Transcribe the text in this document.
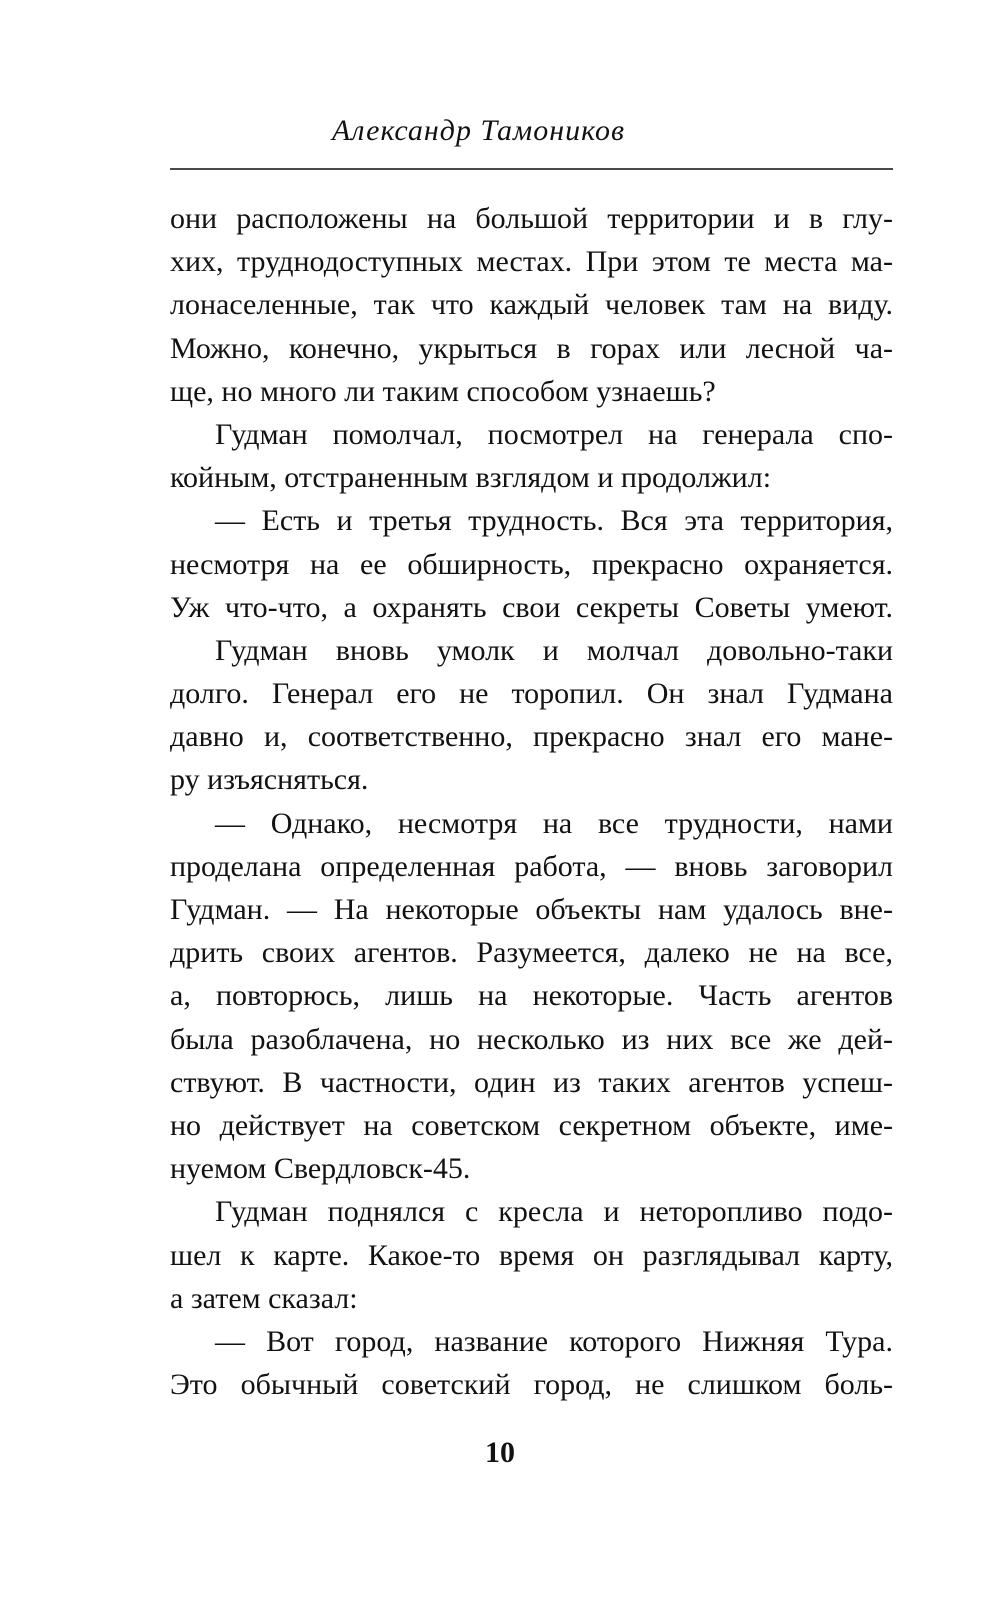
Александр Тамоников
они расположены на большой территории и в глу-
хих, труднодоступных местах. При этом те места ма-
лонаселенные, так что каждый человек там на виду.
Можно, конечно, укрыться в горах или лесной ча-
ще, но много ли таким способом узнаешь?
Гудман помолчал, посмотрел на генерала спо-
койным, отстраненным взглядом и продолжил:
— Есть и третья трудность. Вся эта территория,
несмотря на ее обширность, прекрасно охраняется.
Уж что-что, а охранять свои секреты Советы умеют.
Гудман вновь умолк и молчал довольно-таки
долго. Генерал его не торопил. Он знал Гудмана
давно и, соответственно, прекрасно знал его мане-
ру изъясняться.
— Однако, несмотря на все трудности, нами
проделана определенная работа, — вновь заговорил
Гудман. — На некоторые объекты нам удалось вне-
дрить своих агентов. Разумеется, далеко не на все,
а, повторюсь, лишь на некоторые. Часть агентов
была разоблачена, но несколько из них все же дей-
ствуют. В частности, один из таких агентов успеш-
но действует на советском секретном объекте, име-
нуемом Свердловск-45.
Гудман поднялся с кресла и неторопливо подо-
шел к карте. Какое-то время он разглядывал карту,
а затем сказал:
— Вот город, название которого Нижняя Тура.
Это обычный советский город, не слишком боль-
10
